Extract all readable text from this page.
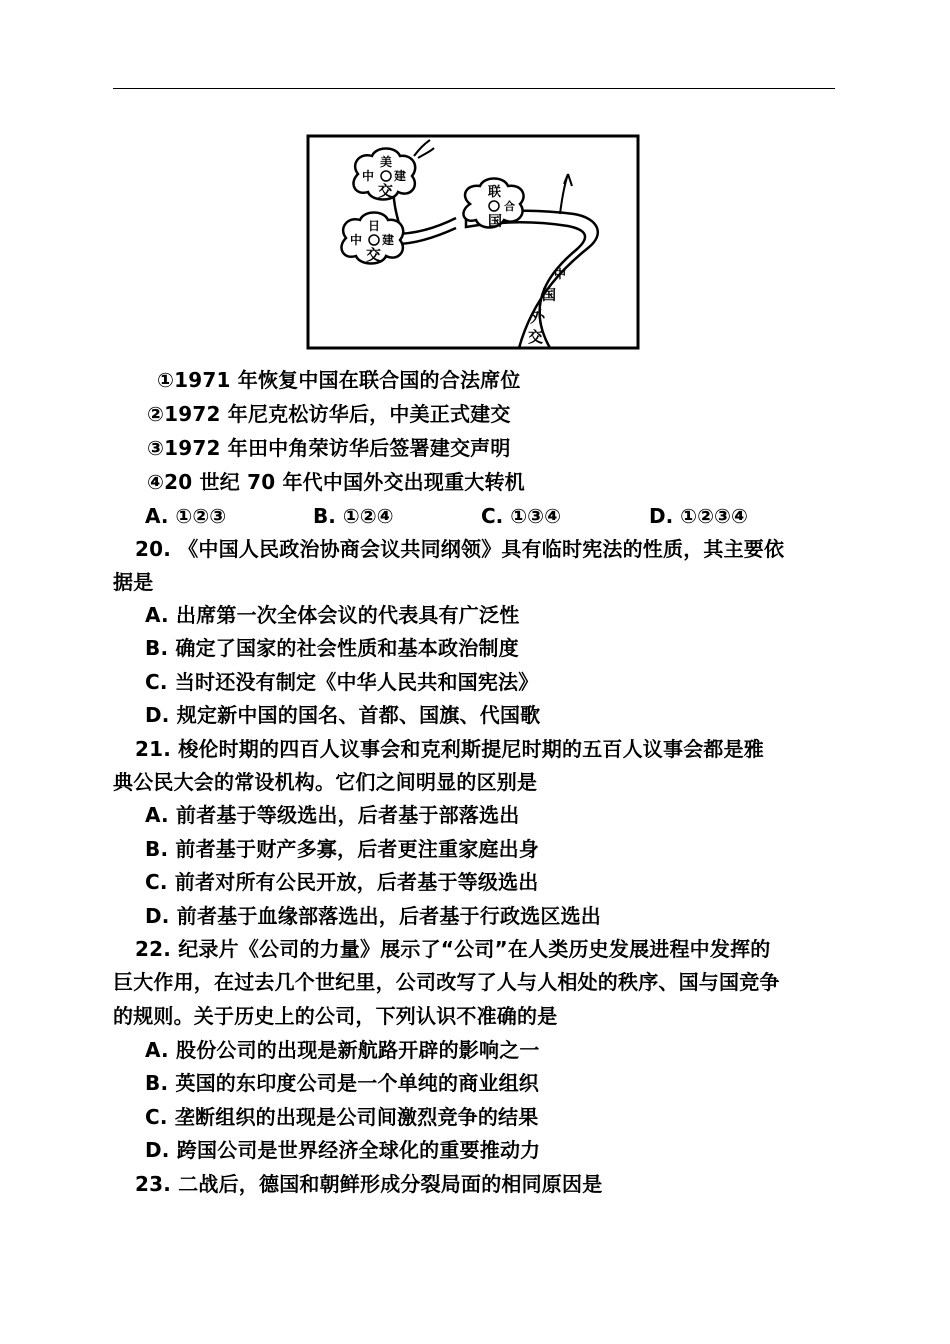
美
中 建
交
日
中 建
交
联
合
国
中
国
外
交
①1971 年恢复中国在联合国的合法席位
②1972 年尼克松访华后，中美正式建交
③1972 年田中角荣访华后签署建交声明
④20 世纪 70 年代中国外交出现重大转机
A. ①②③	B. ①②④	C. ①③④	D. ①②③④
20. 《中国人民政治协商会议共同纲领》具有临时宪法的性质，其主要依
据是
A. 出席第一次全体会议的代表具有广泛性
B. 确定了国家的社会性质和基本政治制度
C. 当时还没有制定《中华人民共和国宪法》
D. 规定新中国的国名、首都、国旗、代国歌
21. 梭伦时期的四百人议事会和克利斯提尼时期的五百人议事会都是雅
典公民大会的常设机构。它们之间明显的区别是
A. 前者基于等级选出，后者基于部落选出
B. 前者基于财产多寡，后者更注重家庭出身
C. 前者对所有公民开放，后者基于等级选出
D. 前者基于血缘部落选出，后者基于行政选区选出
22. 纪录片《公司的力量》展示了“公司”在人类历史发展进程中发挥的
巨大作用，在过去几个世纪里，公司改写了人与人相处的秩序、国与国竞争
的规则。关于历史上的公司，下列认识不准确的是
A. 股份公司的出现是新航路开辟的影响之一
B. 英国的东印度公司是一个单纯的商业组织
C. 垄断组织的出现是公司间激烈竞争的结果
D. 跨国公司是世界经济全球化的重要推动力
23. 二战后，德国和朝鲜形成分裂局面的相同原因是
